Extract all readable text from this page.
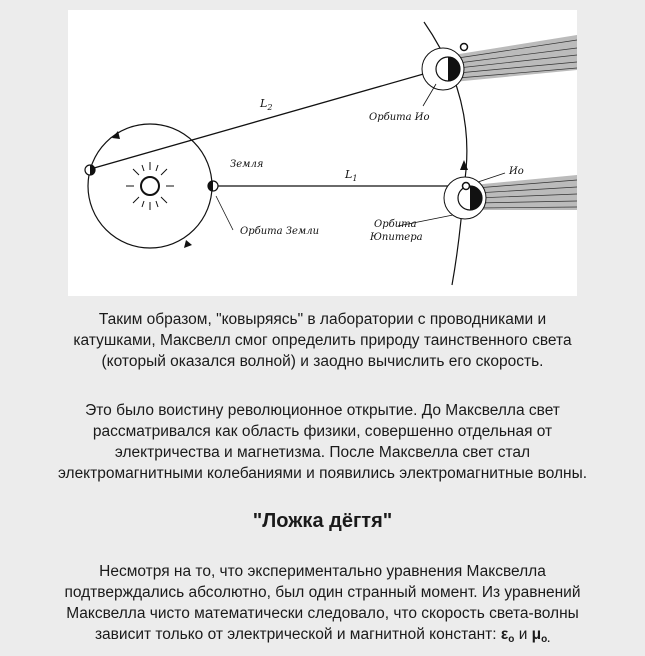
$L_2$
$L_1$
Земля
Орбита Ио
Ио
Орбита Земли
Орбита
Юпитера

Таким образом, "ковыряясь" в лаборатории с проводниками и
катушками, Максвелл смог определить природу таинственного света
(который оказался волной) и заодно вычислить его скорость.

Это было воистину революционное открытие. До Максвелла свет
рассматривался как область физики, совершенно отдельная от
электричества и магнетизма. После Максвелла свет стал
электромагнитными колебаниями и появились электромагнитные волны.

"Ложка дёгтя"

Несмотря на то, что экспериментально уравнения Максвелла
подтверждались абсолютно, был один странный момент. Из уравнений
Максвелла чисто математически следовало, что скорость света-волны
зависит только от электрической и магнитной констант: $\varepsilon_o$ и $\mu_{o.}$
